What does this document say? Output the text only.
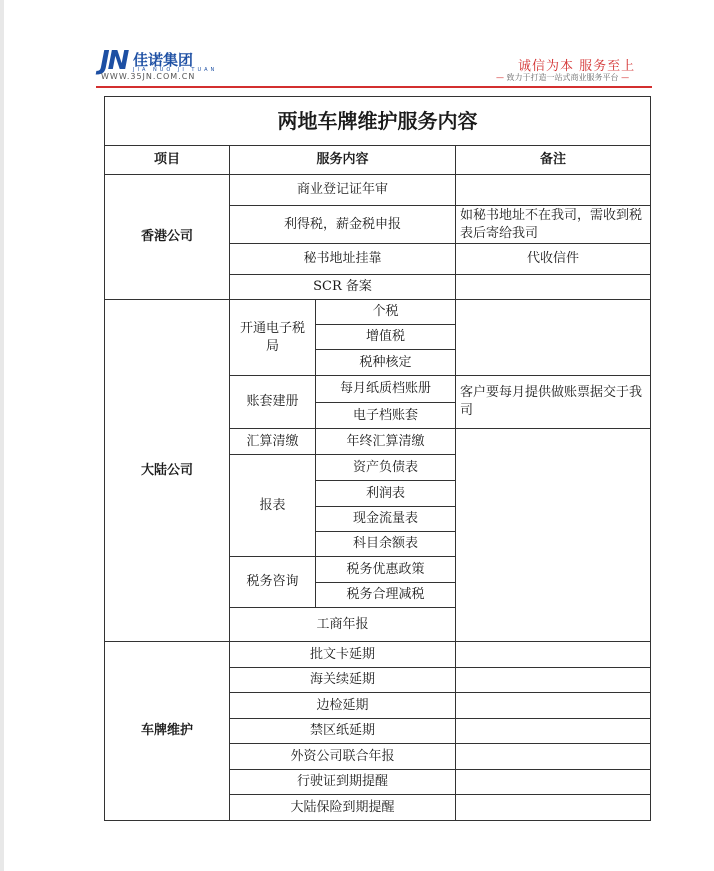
JN 佳诺集团
JIA NUO JI TUAN
WWW.35JN.COM.CN
诚信为本 服务至上
— 致力于打造一站式商业服务平台 —
两地车牌维护服务内容			
项目	服务内容		备注
香港公司	商业登记证年审		
	利得税，薪金税申报		如秘书地址不在我司，需收到税表后寄给我司
	秘书地址挂靠		代收信件
	SCR 备案		
大陆公司	开通电子税局	个税	
		增值税	
		税种核定	
	账套建册	每月纸质档账册	客户要每月提供做账票据交于我司
		电子档账套	
	汇算清缴	年终汇算清缴	
	报表	资产负债表	
		利润表	
		现金流量表	
		科目余额表	
	税务咨询	税务优惠政策	
		税务合理减税	
	工商年报		
车牌维护	批文卡延期		
	海关续延期		
	边检延期		
	禁区纸延期		
	外资公司联合年报		
	行驶证到期提醒		
	大陆保险到期提醒		
